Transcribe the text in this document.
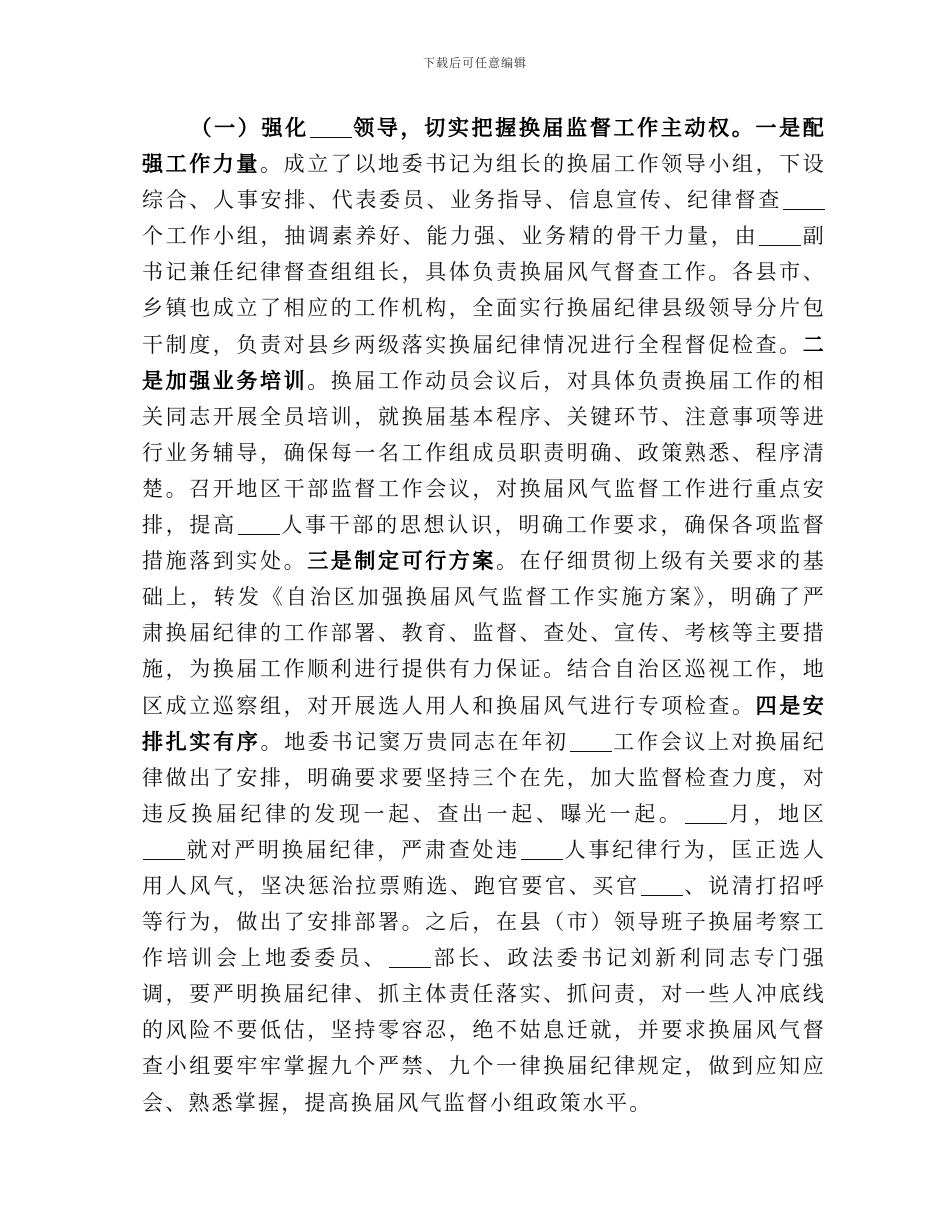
下载后可任意编辑

（一）强化 领导，切实把握换届监督工作主动权。一是配强工作力量。成立了以地委书记为组长的换届工作领导小组，下设综合、人事安排、代表委员、业务指导、信息宣传、纪律督查个工作小组，抽调素养好、能力强、业务精的骨干力量，由 副书记兼任纪律督查组组长，具体负责换届风气督查工作。各县市、乡镇也成立了相应的工作机构，全面实行换届纪律县级领导分片包干制度，负责对县乡两级落实换届纪律情况进行全程督促检查。二是加强业务培训。换届工作动员会议后，对具体负责换届工作的相关同志开展全员培训，就换届基本程序、关键环节、注意事项等进行业务辅导，确保每一名工作组成员职责明确、政策熟悉、程序清楚。召开地区干部监督工作会议，对换届风气监督工作进行重点安排，提高 人事干部的思想认识，明确工作要求，确保各项监督措施落到实处。三是制定可行方案。在仔细贯彻上级有关要求的基础上，转发《自治区加强换届风气监督工作实施方案》，明确了严肃换届纪律的工作部署、教育、监督、查处、宣传、考核等主要措施，为换届工作顺利进行提供有力保证。结合自治区巡视工作，地区成立巡察组，对开展选人用人和换届风气进行专项检查。四是安排扎实有序。地委书记窦万贵同志在年初 工作会议上对换届纪律做出了安排，明确要求要坚持三个在先，加大监督检查力度，对违反换届纪律的发现一起、查出一起、曝光一起。 月，地区就对严明换届纪律，严肃查处违 人事纪律行为，匡正选人用人风气，坚决惩治拉票贿选、跑官要官、买官 、说清打招呼等行为，做出了安排部署。之后，在县（市）领导班子换届考察工作培训会上地委委员、 部长、政法委书记刘新利同志专门强调，要严明换届纪律、抓主体责任落实、抓问责，对一些人冲底线的风险不要低估，坚持零容忍，绝不姑息迁就，并要求换届风气督查小组要牢牢掌握九个严禁、九个一律换届纪律规定，做到应知应会、熟悉掌握，提高换届风气监督小组政策水平。
